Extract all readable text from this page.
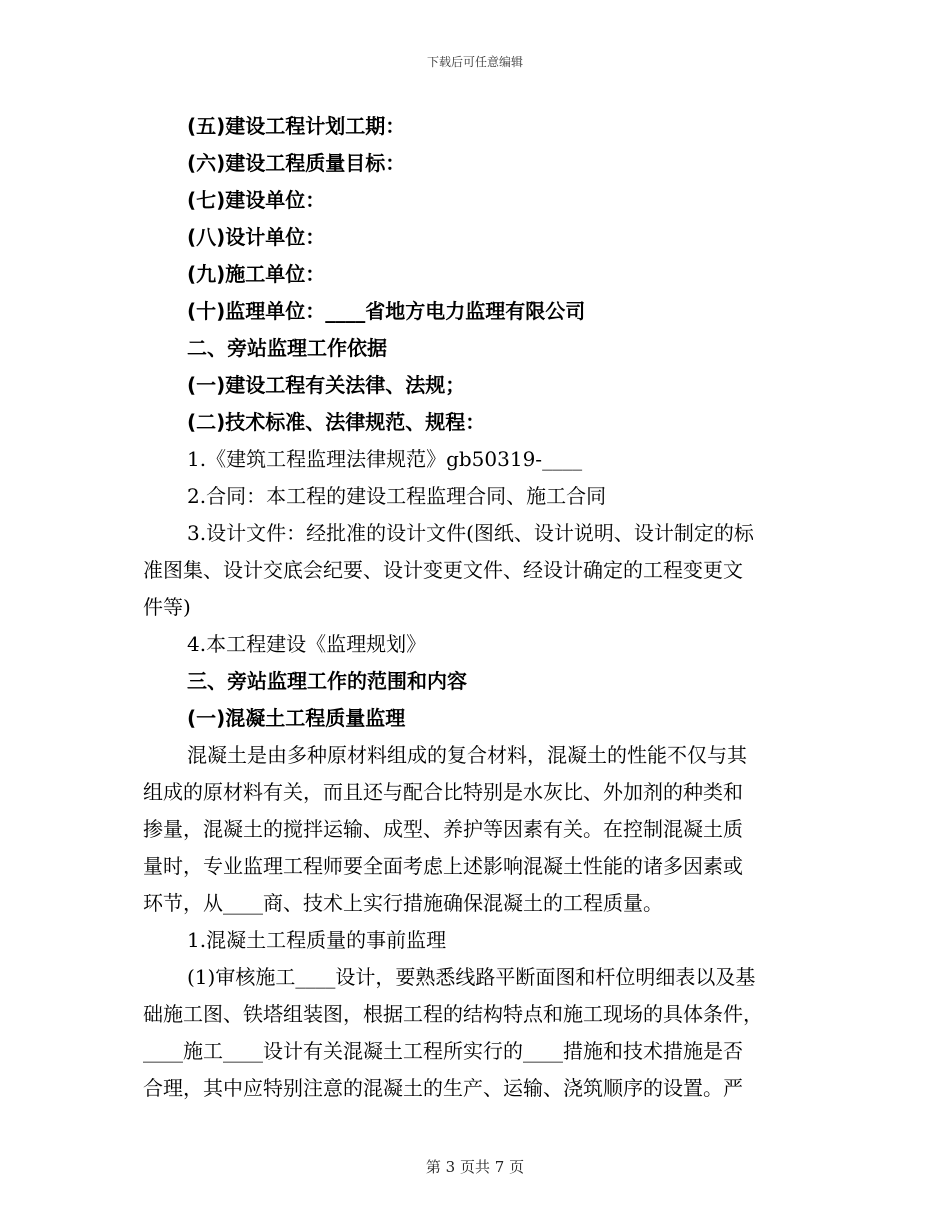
下载后可任意编辑
(五)建设工程计划工期：
(六)建设工程质量目标：
(七)建设单位：
(八)设计单位：
(九)施工单位：
(十)监理单位：____省地方电力监理有限公司
二、旁站监理工作依据
(一)建设工程有关法律、法规；
(二)技术标准、法律规范、规程：
1.《建筑工程监理法律规范》gb50319-____
2.合同：本工程的建设工程监理合同、施工合同
3.设计文件：经批准的设计文件(图纸、设计说明、设计制定的标
准图集、设计交底会纪要、设计变更文件、经设计确定的工程变更文
件等)
4.本工程建设《监理规划》
三、旁站监理工作的范围和内容
(一)混凝土工程质量监理
混凝土是由多种原材料组成的复合材料，混凝土的性能不仅与其
组成的原材料有关，而且还与配合比特别是水灰比、外加剂的种类和
掺量，混凝土的搅拌运输、成型、养护等因素有关。在控制混凝土质
量时，专业监理工程师要全面考虑上述影响混凝土性能的诸多因素或
环节，从____商、技术上实行措施确保混凝土的工程质量。
1.混凝土工程质量的事前监理
(1)审核施工____设计，要熟悉线路平断面图和杆位明细表以及基
础施工图、铁塔组装图，根据工程的结构特点和施工现场的具体条件，
____施工____设计有关混凝土工程所实行的____措施和技术措施是否
合理，其中应特别注意的混凝土的生产、运输、浇筑顺序的设置。严
第 3 页共 7 页
